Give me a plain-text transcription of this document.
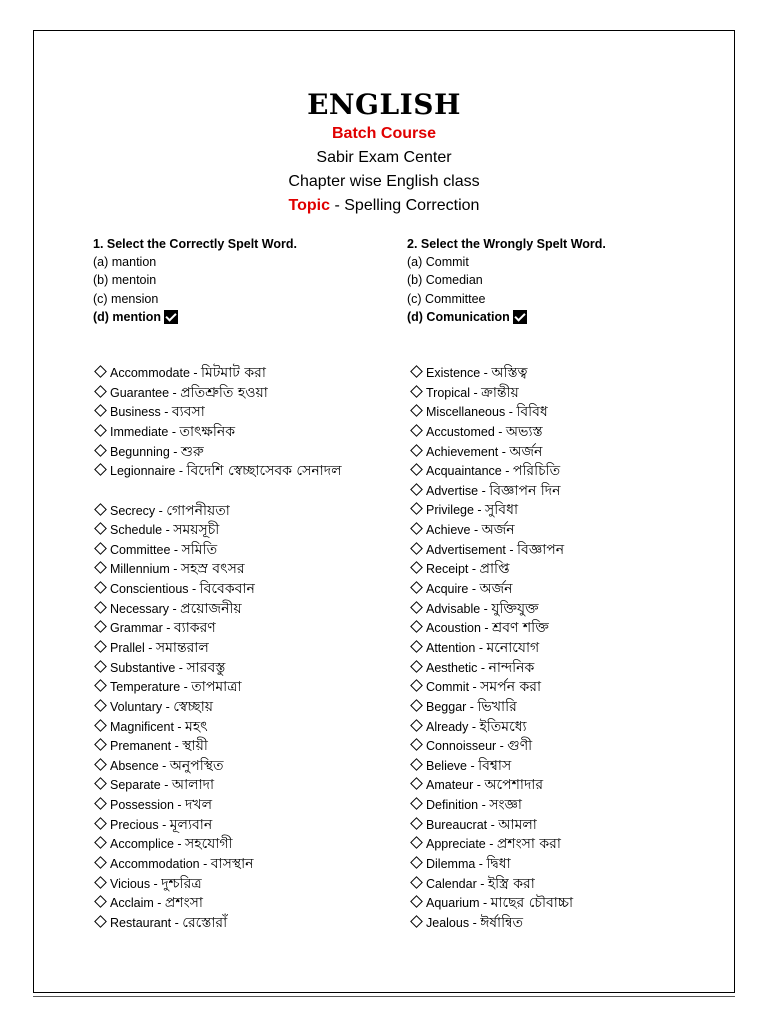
ENGLISH
Batch Course
Sabir Exam Center
Chapter wise English class
Topic - Spelling Correction
1. Select the Correctly Spelt Word.
(a) mantion
(b) mentoin
(c) mension
(d) mention
2. Select the Wrongly Spelt Word.
(a) Commit
(b) Comedian
(c) Committee
(d) Comunication
Accommodate - মিটমাট করা
Guarantee - প্রতিশ্রুতি হওয়া
Business - ব্যবসা
Immediate - তাৎক্ষনিক
Begunning - শুরু
Legionnaire - বিদেশি স্বেচ্ছাসেবক সেনাদল
Secrecy - গোপনীয়তা
Schedule - সময়সূচী
Committee - সমিতি
Millennium - সহস্র বৎসর
Conscientious - বিবেকবান
Necessary - প্রয়োজনীয়
Grammar - ব্যাকরণ
Prallel - সমান্তরাল
Substantive - সারবস্তু
Temperature - তাপমাত্রা
Voluntary - স্বেচ্ছায়
Magnificent - মহৎ
Premanent - স্থায়ী
Absence - অনুপস্থিত
Separate - আলাদা
Possession - দখল
Precious - মূল্যবান
Accomplice - সহযোগী
Accommodation - বাসস্থান
Vicious - দুশ্চরিত্র
Acclaim - প্রশংসা
Restaurant - রেস্তোরাঁ
Existence - অস্তিত্ব
Tropical - ক্রান্তীয়
Miscellaneous - বিবিধ
Accustomed - অভ্যস্ত
Achievement - অর্জন
Acquaintance - পরিচিতি
Advertise - বিজ্ঞাপন দিন
Privilege - সুবিধা
Achieve - অর্জন
Advertisement - বিজ্ঞাপন
Receipt - প্রাপ্তি
Acquire - অর্জন
Advisable - যুক্তিযুক্ত
Acoustion - শ্রবণ শক্তি
Attention - মনোযোগ
Aesthetic - নান্দনিক
Commit - সমর্পন করা
Beggar - ভিখারি
Already - ইতিমধ্যে
Connoisseur - গুণী
Believe - বিশ্বাস
Amateur - অপেশাদার
Definition - সংজ্ঞা
Bureaucrat - আমলা
Appreciate - প্রশংসা করা
Dilemma - দ্বিধা
Calendar - ইস্ত্রি করা
Aquarium - মাছের চৌবাচ্চা
Jealous - ঈর্ষান্বিত
